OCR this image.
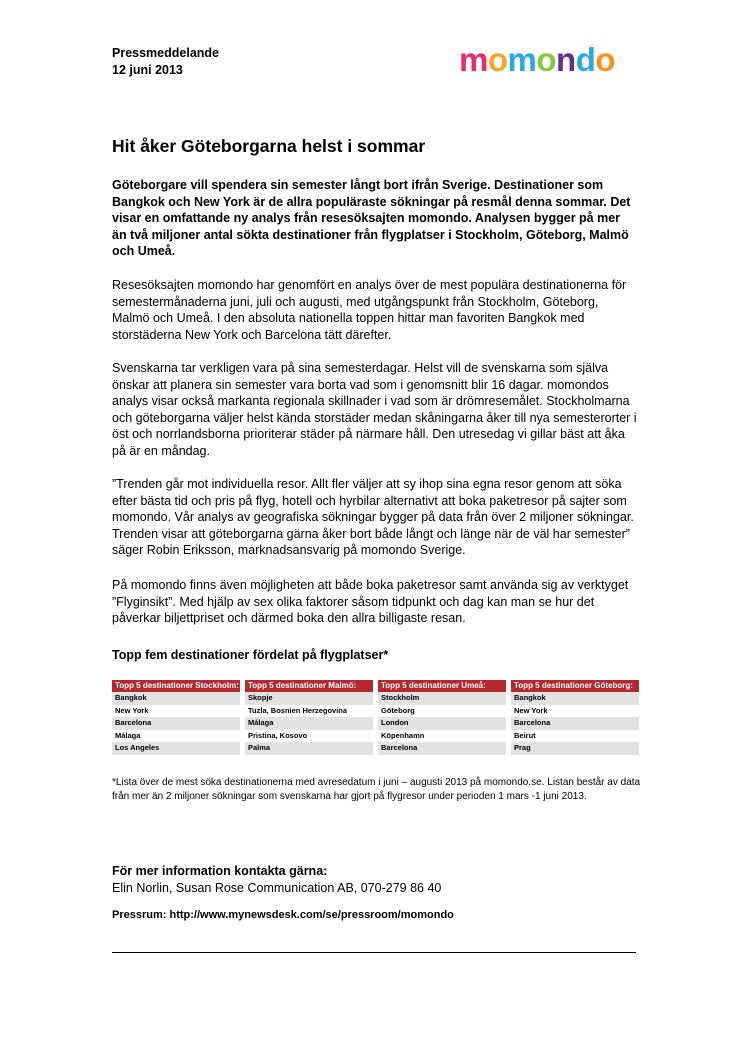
Pressmeddelande
12 juni 2013	momondo
Hit åker Göteborgarna helst i sommar
Göteborgare vill spendera sin semester långt bort ifrån Sverige. Destinationer som Bangkok och New York är de allra populäraste sökningar på resmål denna sommar. Det visar en omfattande ny analys från resesöksajten momondo. Analysen bygger på mer än två miljoner antal sökta destinationer från flygplatser i Stockholm, Göteborg, Malmö och Umeå.
Resesöksajten momondo har genomfört en analys över de mest populära destinationerna för semestermånaderna juni, juli och augusti, med utgångspunkt från Stockholm, Göteborg, Malmö och Umeå. I den absoluta nationella toppen hittar man favoriten Bangkok med storstäderna New York och Barcelona tätt därefter.
Svenskarna tar verkligen vara på sina semesterdagar. Helst vill de svenskarna som själva önskar att planera sin semester vara borta vad som i genomsnitt blir 16 dagar. momondos analys visar också markanta regionala skillnader i vad som är drömresemålet. Stockholmarna och göteborgarna väljer helst kända storstäder medan skåningarna åker till nya semesterorter i öst och norrlandsborna prioriterar städer på närmare håll. Den utresedag vi gillar bäst att åka på är en måndag.
”Trenden går mot individuella resor. Allt fler väljer att sy ihop sina egna resor genom att söka efter bästa tid och pris på flyg, hotell och hyrbilar alternativt att boka paketresor på sajter som momondo. Vår analys av geografiska sökningar bygger på data från över 2 miljoner sökningar. Trenden visar att göteborgarna gärna åker bort både långt och länge när de väl har semester” säger Robin Eriksson, marknadsansvarig på momondo Sverige.
På momondo finns även möjligheten att både boka paketresor samt använda sig av verktyget ”Flyginsikt”. Med hjälp av sex olika faktorer såsom tidpunkt och dag kan man se hur det påverkar biljettpriset och därmed boka den allra billigaste resan.
Topp fem destinationer fördelat på flygplatser*
Topp 5 destinationer Stockholm:
Bangkok
New York
Barcelona
Málaga
Los Angeles
Topp 5 destinationer Malmö:
Skopje
Tuzla, Bosnien Herzegovina
Málaga
Pristina, Kosovo
Palma
Topp 5 destinationer Umeå:
Stockholm
Göteborg
London
Köpenhamn
Barcelona
Topp 5 destinationer Göteborg:
Bangkok
New York
Barcelona
Beirut
Prag
*Lista över de mest söka destinationerna med avresedatum i juni – augusti 2013 på momondo.se. Listan består av data från mer än 2 miljoner sökningar som svenskarna har gjort på flygresor under perioden 1 mars -1 juni 2013.
För mer information kontakta gärna:
Elin Norlin, Susan Rose Communication AB, 070-279 86 40
Pressrum: http://www.mynewsdesk.com/se/pressroom/momondo
